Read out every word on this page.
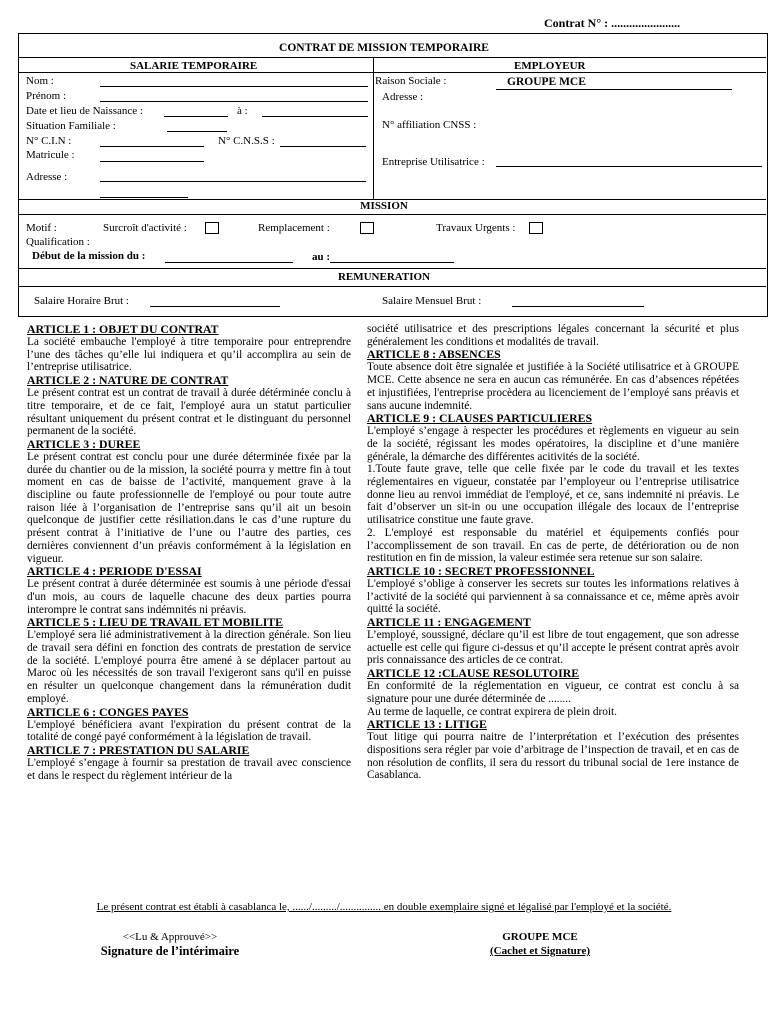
Contrat N° : .......................
CONTRAT DE MISSION TEMPORAIRE
SALARIE TEMPORAIRE	EMPLOYEUR
Nom :
Prénom :
Date et lieu de Naissance :	à :
Situation Familiale :
N° C.I.N :	N° C.N.S.S :
Matricule :
Adresse :
Raison Sociale :	GROUPE MCE
Adresse :
N° affiliation CNSS :
Entreprise Utilisatrice :
MISSION
Motif :	Surcroît d'activité :	Remplacement :	Travaux Urgents :
Qualification :
Début de la mission du :	au :
REMUNERATION
Salaire Horaire Brut :	Salaire Mensuel Brut :
ARTICLE 1 : OBJET DU CONTRAT

La société embauche l'employé à titre temporaire pour entreprendre l’une des tâches qu’elle lui indiquera et qu’il accomplira au sein de l’entreprise utilisatrice.

ARTICLE 2 : NATURE DE CONTRAT

Le présent contrat est un contrat de travail à durée détérminée conclu à titre temporaire, et de ce fait, l'employé aura un statut particulier résultant uniquement du présent contrat et le distinguant du personnel permanent de la société.

ARTICLE 3 : DUREE

Le présent contrat est conclu pour une durée déterminée fixée par la durée du chantier ou de la mission, la société pourra y mettre fin à tout moment en cas de baisse de l’activité, manquement grave à la discipline ou faute professionnelle de l'employé ou pour toute autre raison liée à l’organisation de l’entreprise sans qu’il ait un besoin quelconque de justifier cette résiliation.dans le cas d’une rupture du présent contrat à l’initiative de l’une ou l’autre des parties, ces dernières conviennent d’un préavis conformément à la législation en vigueur.

ARTICLE 4 : PERIODE D'ESSAI

Le présent contrat à durée déterminée est soumis à une période d'essai d'un mois, au cours de laquelle chacune des deux parties pourra interompre le contrat sans indémnités ni préavis.

ARTICLE 5 : LIEU DE TRAVAIL ET MOBILITE

L'employé sera lié administrativement à la direction générale. Son lieu de travail sera défini en fonction des contrats de prestation de service de la société. L'employé pourra être amené à se déplacer partout au Maroc où les nécessités de son travail l'exigeront sans qu'il en puisse en résulter un quelconque changement dans la rémunération dudit employé.

ARTICLE 6 : CONGES PAYES

L'employé bénéficiera avant l'expiration du présent contrat de la totalité de congé payé conformément à la législation de travail.

ARTICLE 7 : PRESTATION DU SALARIE

L'employé s’engage à fournir sa prestation de travail avec conscience et dans le respect du règlement intérieur de la

société utilisatrice et des prescriptions légales concernant la sécurité et plus généralement les conditions et modalités de travail.

ARTICLE 8 : ABSENCES

Toute absence doit être signalée et justifiée à la Société utilisatrice et à GROUPE MCE. Cette absence ne sera en aucun cas rémunérée. En cas d’absences répétées et injustifiées, l'entreprise procèdera au licenciement de l’employé sans préavis et sans aucune indemnité.

ARTICLE 9 : CLAUSES PARTICULIERES

L'employé s’engage à respecter les procédures et règlements en vigueur au sein de la société, régissant les modes opératoires, la discipline et d’une manière générale, la démarche des différentes acitivités de la société.

1.Toute faute grave, telle que celle fixée par le code du travail et les textes réglementaires en vigueur, constatée par l’employeur ou l’entreprise utilisatrice donne lieu au renvoi immédiat de l'employé, et ce, sans indemnité ni préavis. Le fait d’observer un sit-in ou une occupation illégale des locaux de l’entreprise utilisatrice constitue une faute grave.

2. L'employé est responsable du matériel et équipements confiés pour l’accomplissement de son travail. En cas de perte, de détérioration ou de non restitution en fin de mission, la valeur estimée sera retenue sur son salaire.

ARTICLE 10 : SECRET PROFESSIONNEL

L'employé s’oblige à conserver les secrets sur toutes les informations relatives à l’activité de la société qui parviennent à sa connaissance et ce, même après avoir quitté la société.

ARTICLE 11 : ENGAGEMENT

L’employé, soussigné, déclare qu’il est libre de tout engagement, que son adresse actuelle est celle qui figure ci-dessus et qu’il accepte le présent contrat après avoir pris connaissance des articles de ce contrat.

ARTICLE 12 :CLAUSE RESOLUTOIRE

En conformité de la réglementation en vigueur, ce contrat est conclu à sa signature pour une durée déterminée de ........

Au terme de laquelle, ce contrat expirera de plein droit.

ARTICLE 13 : LITIGE

Tout litige qui pourra naitre de l’interprétation et l’exécution des présentes dispositions sera régler par voie d’arbitrage de l’inspection de travail, et en cas de non résolution de conflits, il sera du ressort du tribunal social de 1ere instance de Casablanca.

Le présent contrat est établi à casablanca le, ....../........./............... en double exemplaire signé et légalisé par l'employé et la société.
<<Lu & Approuvé>>
Signature de l’intérimaire
GROUPE MCE
(Cachet et Signature)
